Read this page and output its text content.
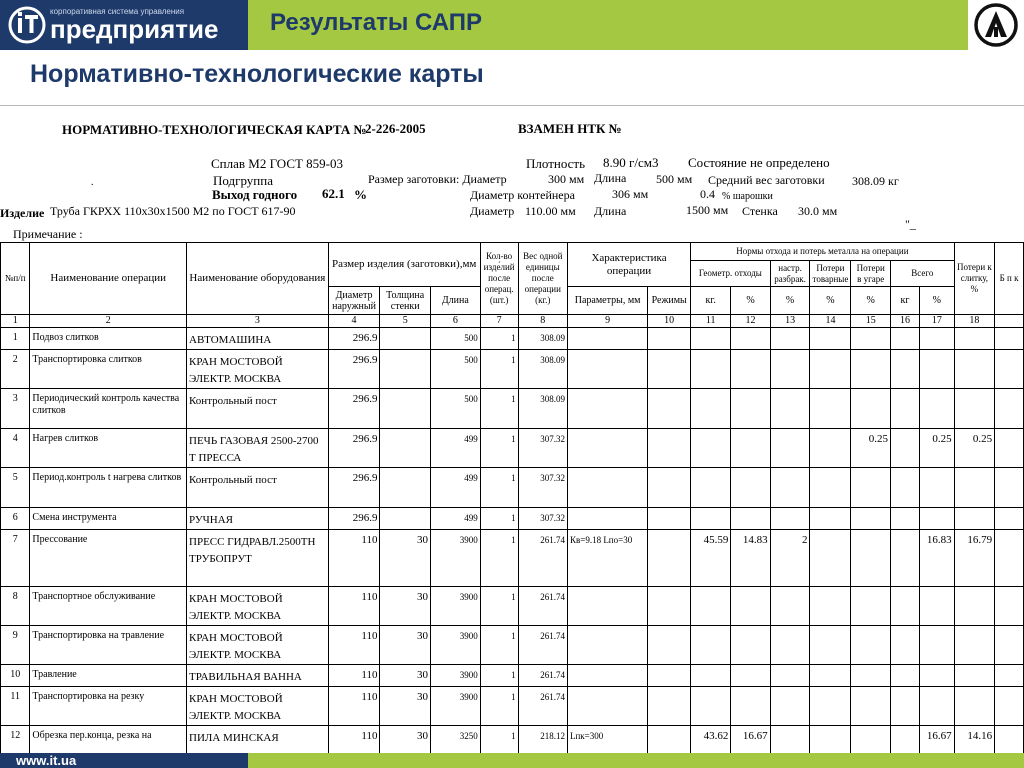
корпоративная система управления
предприятие Результаты САПР
Нормативно-технологические карты
НОРМАТИВНО-ТЕХНОЛОГИЧЕСКАЯ КАРТА №
2-226-2005	ВЗАМЕН НТК №
Сплав М2 ГОСТ 859-03	Плотность 8.90 г/см3 Состояние не определено
Подгруппа	Размер заготовки: Диаметр	300 мм Длина 500 мм Средний вес заготовки 308.09 кг
.
Выход годного 62.1 %	Диаметр контейнера	306 мм	0.4 % шарошки
Изделие Труба ГКРХХ 110x30x1500 М2 по ГОСТ 617-90	Диаметр 110.00 мм Длина	1500 мм Стенка 30.0 мм
"_
Примечание :
№п/п	Наименование операции	Наименование оборудования	Размер изделия (заготовки),мм			Кол-во изде́лий после операц. (шт.)	Вес одной единицы после операции (кг.)	Характеристика операции		Нормы отхода и потерь металла на операции							Потери к слитку, %	Б п к
										Геометр. отходы		настр. разбрак.	Потери товарные	Потери в угаре	Всего			
			Диаметр наружный	Толщина стенки	Длина			Параметры, мм	Режимы	кг.	%	%	%	%	кг	%		
1	2	3	4	5	6	7	8	9	10	11	12	13	14	15	16	17	18	
1	Подвоз слитков	АВТОМАШИНА	296.9		500	1	308.09											
2	Транспортировка слитков	КРАН МОСТОВОЙ ЭЛЕКТР. МОСКВА	296.9		500	1	308.09											
3	Периодический контроль качества слитков	Контрольный пост	296.9		500	1	308.09											
4	Нагрев слитков	ПЕЧЬ ГАЗОВАЯ 2500-2700 Т ПРЕССА	296.9		499	1	307.32							0.25		0.25	0.25	
5	Период.контроль t нагрева слитков	Контрольный пост	296.9		499	1	307.32											
6	Смена инструмента	РУЧНАЯ	296.9		499	1	307.32											
7	Прессование	ПРЕСС ГИДРАВЛ.2500ТН ТРУБОПРУТ	110	30	3900	1	261.74	Кв=9.18 Lпо=30		45.59	14.83	2				16.83	16.79	
8	Транспортное обслуживание	КРАН МОСТОВОЙ ЭЛЕКТР. МОСКВА	110	30	3900	1	261.74											
9	Транспортировка на травление	КРАН МОСТОВОЙ ЭЛЕКТР. МОСКВА	110	30	3900	1	261.74											
10	Травление	ТРАВИЛЬНАЯ ВАННА	110	30	3900	1	261.74											
11	Транспортировка на резку	КРАН МОСТОВОЙ ЭЛЕКТР. МОСКВА	110	30	3900	1	261.74											
12	Обрезка пер.конца, резка на	ПИЛА МИНСКАЯ	110	30	3250	1	218.12	Lпк=300		43.62	16.67					16.67	14.16	
www.it.ua
